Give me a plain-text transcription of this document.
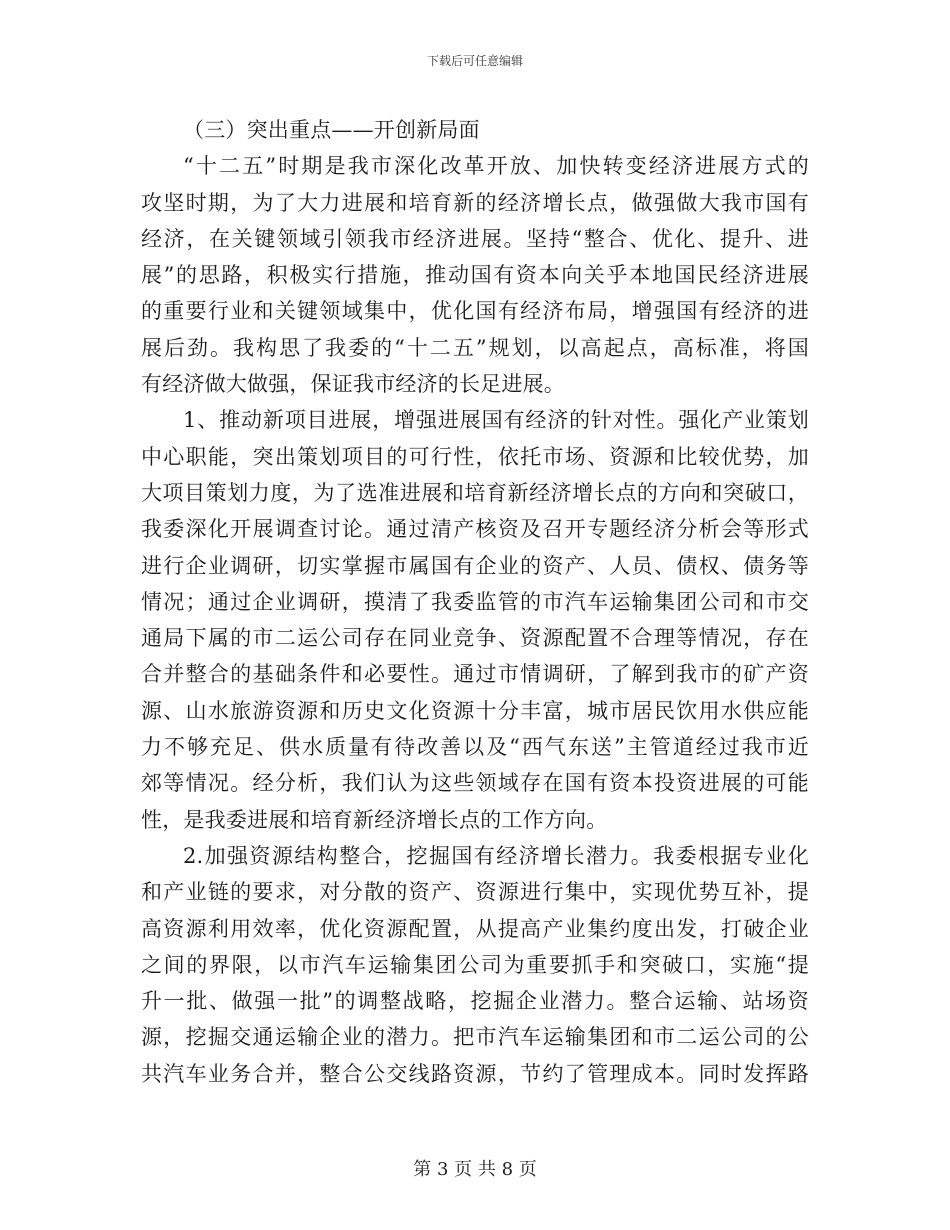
下载后可任意编辑
（三）突出重点——开创新局面
“十二五”时期是我市深化改革开放、加快转变经济进展方式的
攻坚时期，为了大力进展和培育新的经济增长点，做强做大我市国有
经济，在关键领域引领我市经济进展。坚持“整合、优化、提升、进
展”的思路，积极实行措施，推动国有资本向关乎本地国民经济进展
的重要行业和关键领域集中，优化国有经济布局，增强国有经济的进
展后劲。我构思了我委的“十二五”规划，以高起点，高标准，将国
有经济做大做强，保证我市经济的长足进展。
1、推动新项目进展，增强进展国有经济的针对性。强化产业策划
中心职能，突出策划项目的可行性，依托市场、资源和比较优势，加
大项目策划力度，为了选准进展和培育新经济增长点的方向和突破口，
我委深化开展调查讨论。通过清产核资及召开专题经济分析会等形式
进行企业调研，切实掌握市属国有企业的资产、人员、债权、债务等
情况；通过企业调研，摸清了我委监管的市汽车运输集团公司和市交
通局下属的市二运公司存在同业竞争、资源配置不合理等情况，存在
合并整合的基础条件和必要性。通过市情调研，了解到我市的矿产资
源、山水旅游资源和历史文化资源十分丰富，城市居民饮用水供应能
力不够充足、供水质量有待改善以及“西气东送”主管道经过我市近
郊等情况。经分析，我们认为这些领域存在国有资本投资进展的可能
性，是我委进展和培育新经济增长点的工作方向。
2.加强资源结构整合，挖掘国有经济增长潜力。我委根据专业化
和产业链的要求，对分散的资产、资源进行集中，实现优势互补，提
高资源利用效率，优化资源配置，从提高产业集约度出发，打破企业
之间的界限，以市汽车运输集团公司为重要抓手和突破口，实施“提
升一批、做强一批”的调整战略，挖掘企业潜力。整合运输、站场资
源，挖掘交通运输企业的潜力。把市汽车运输集团和市二运公司的公
共汽车业务合并，整合公交线路资源，节约了管理成本。同时发挥路
第 3 页 共 8 页
